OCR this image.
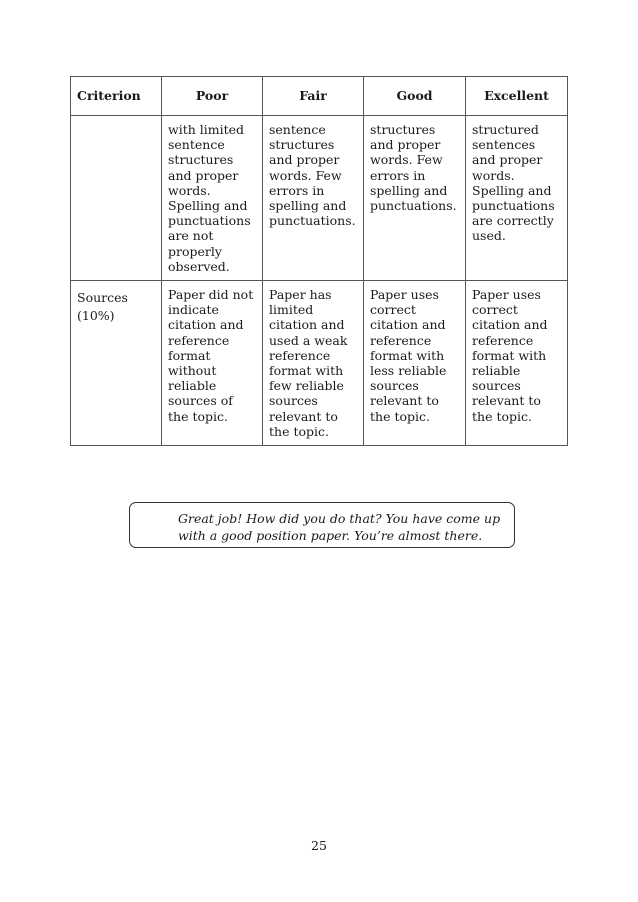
Criterion	Poor	Fair	Good	Excellent
	with limited sentence structures and proper words. Spelling and punctuations are not properly observed.	sentence structures and proper words. Few errors in spelling and punctuations.	structures and proper words. Few errors in spelling and punctuations.	structured sentences and proper words. Spelling and punctuations are correctly used.
Sources (10%)	Paper did not indicate citation and reference format without reliable sources of the topic.	Paper has limited citation and used a weak reference format with few reliable sources relevant to the topic.	Paper uses correct citation and reference format with less reliable sources relevant to the topic.	Paper uses correct citation and reference format with reliable sources relevant to the topic.
Great job! How did you do that? You have come up with a good position paper. You’re almost there.
25
